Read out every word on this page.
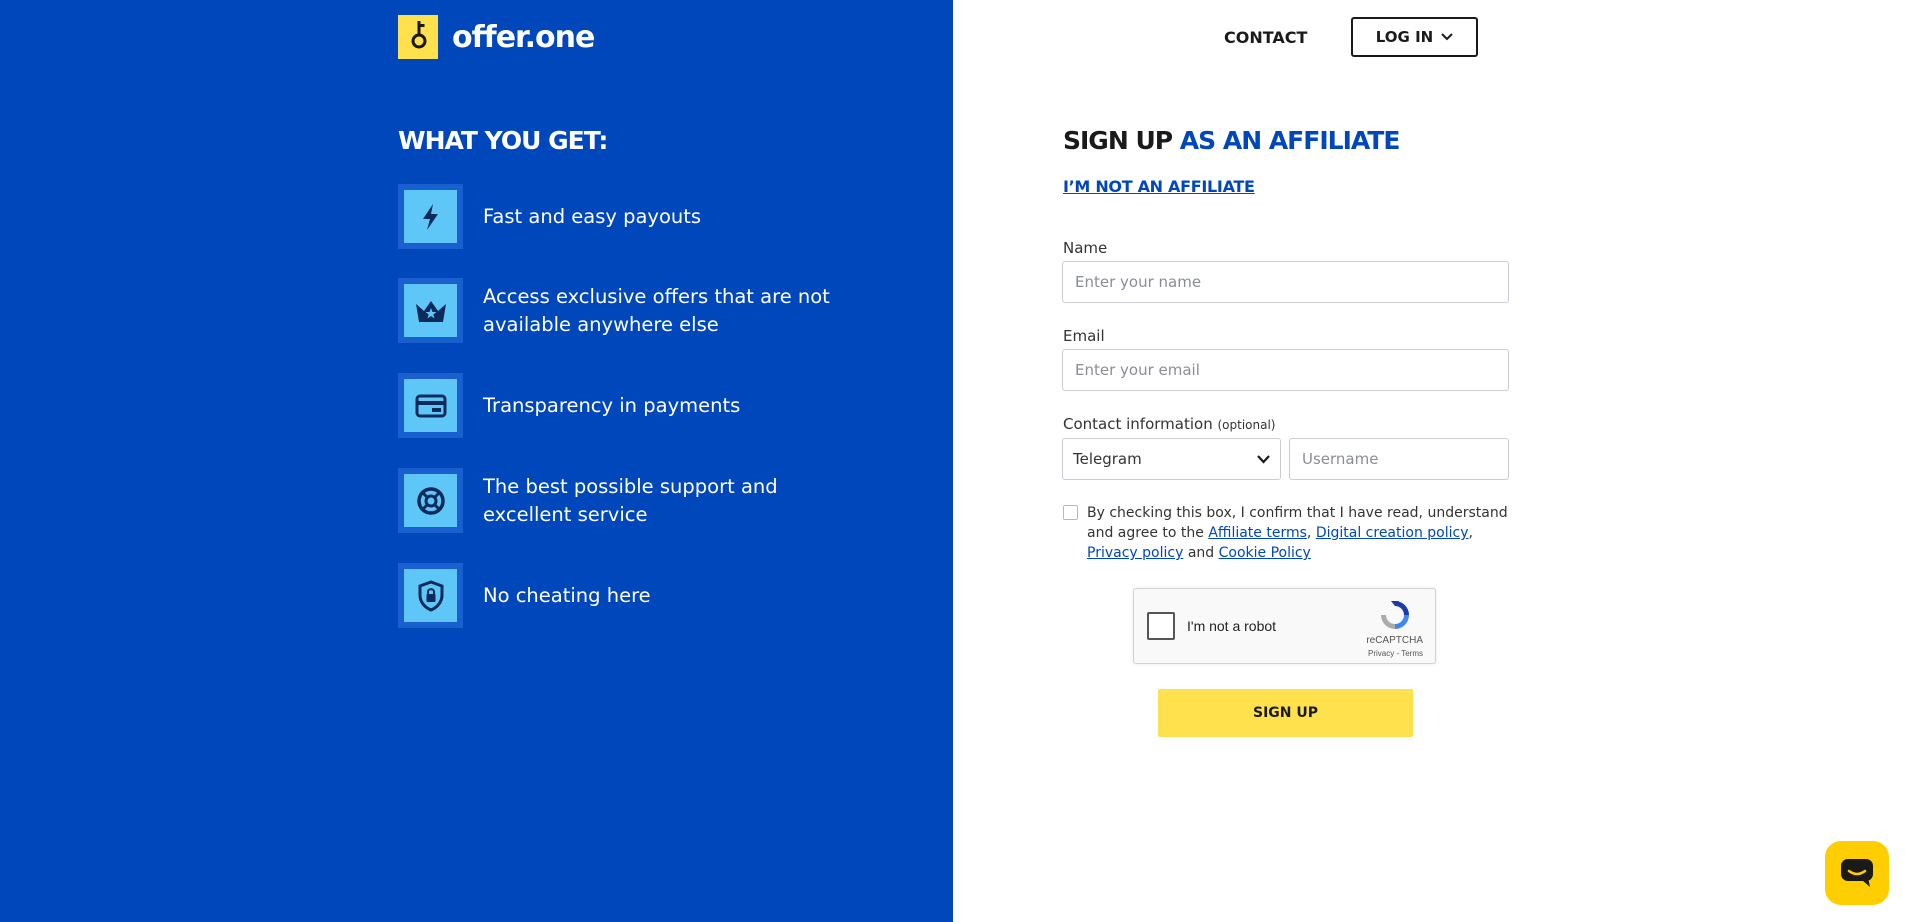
offer.one
WHAT YOU GET:
Fast and easy payouts
Access exclusive offers that are not available anywhere else
Transparency in payments
The best possible support and excellent service
No cheating here
CONTACT	LOG IN
SIGN UP AS AN AFFILIATE
I’M NOT AN AFFILIATE
Name
Enter your name
Email
Enter your email
Contact information (optional)
Telegram
Username
By checking this box, I confirm that I have read, understand and agree to the Affiliate terms, Digital creation policy, Privacy policy and Cookie Policy
I'm not a robot
reCAPTCHA
Privacy - Terms
SIGN UP
